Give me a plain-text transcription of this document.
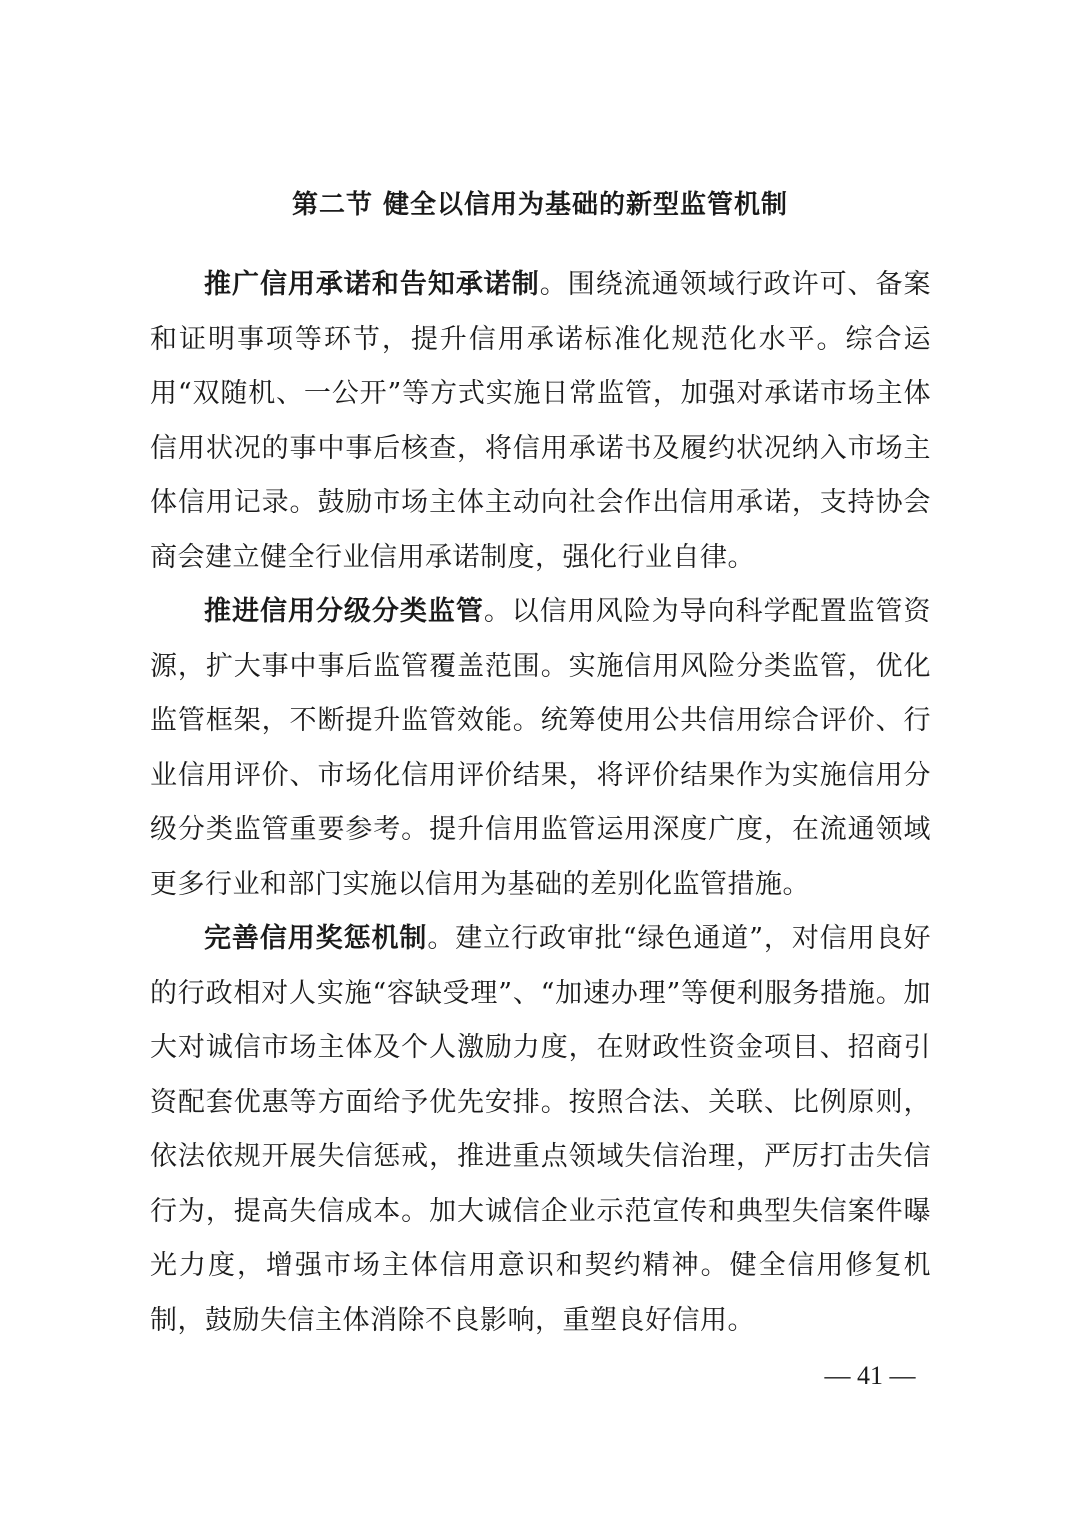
第二节 健全以信用为基础的新型监管机制

推广信用承诺和告知承诺制。围绕流通领域行政许可、备案和证明事项等环节，提升信用承诺标准化规范化水平。综合运用“双随机、一公开”等方式实施日常监管，加强对承诺市场主体信用状况的事中事后核查，将信用承诺书及履约状况纳入市场主体信用记录。鼓励市场主体主动向社会作出信用承诺，支持协会商会建立健全行业信用承诺制度，强化行业自律。

推进信用分级分类监管。以信用风险为导向科学配置监管资源，扩大事中事后监管覆盖范围。实施信用风险分类监管，优化监管框架，不断提升监管效能。统筹使用公共信用综合评价、行业信用评价、市场化信用评价结果，将评价结果作为实施信用分级分类监管重要参考。提升信用监管运用深度广度，在流通领域更多行业和部门实施以信用为基础的差别化监管措施。

完善信用奖惩机制。建立行政审批“绿色通道”，对信用良好的行政相对人实施“容缺受理”、“加速办理”等便利服务措施。加大对诚信市场主体及个人激励力度，在财政性资金项目、招商引资配套优惠等方面给予优先安排。按照合法、关联、比例原则，依法依规开展失信惩戒，推进重点领域失信治理，严厉打击失信行为，提高失信成本。加大诚信企业示范宣传和典型失信案件曝光力度，增强市场主体信用意识和契约精神。健全信用修复机制，鼓励失信主体消除不良影响，重塑良好信用。

— 41 —
